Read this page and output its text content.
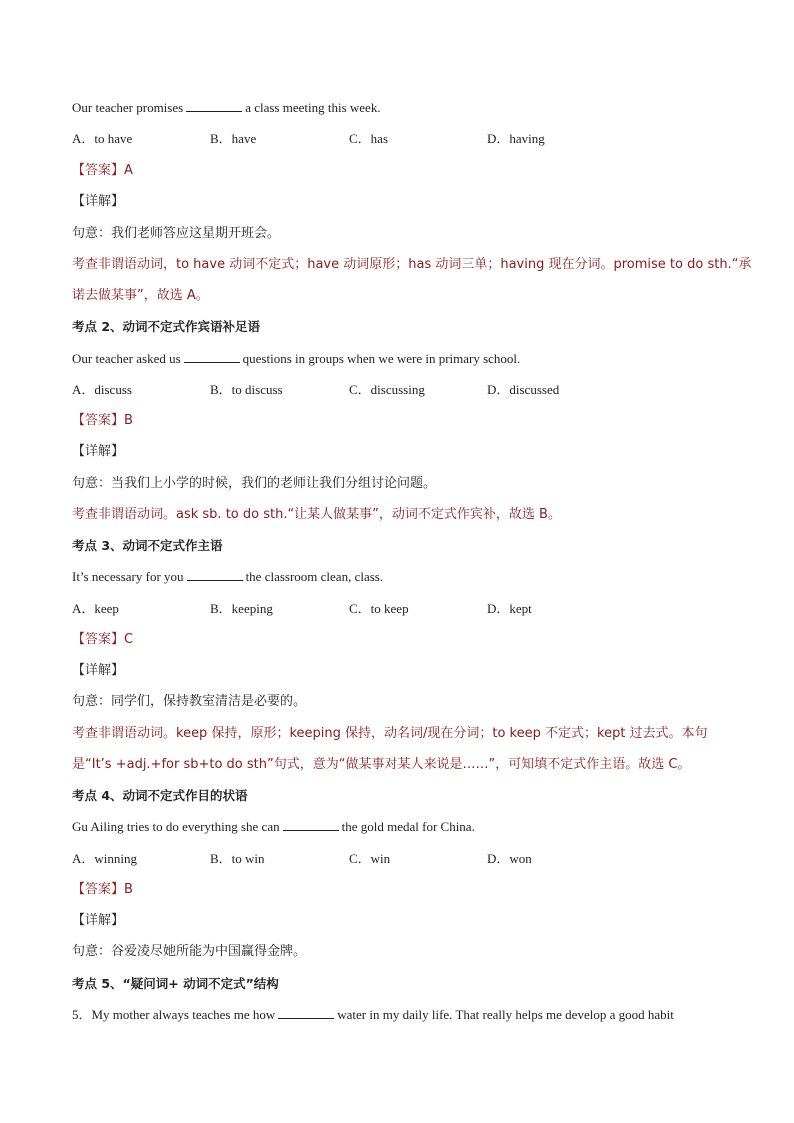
Our teacher promises	a class meeting this week.
A．to have	B．have	C．has	D．having
【答案】A
【详解】
句意：我们老师答应这星期开班会。
考查非谓语动词，to have 动词不定式；have 动词原形；has 动词三单；having 现在分词。promise to do sth.“承
诺去做某事”，故选 A。
考点 2、动词不定式作宾语补足语
Our teacher asked us	questions in groups when we were in primary school.
A．discuss	B．to discuss	C．discussing	D．discussed
【答案】B
【详解】
句意：当我们上小学的时候，我们的老师让我们分组讨论问题。
考查非谓语动词。ask sb. to do sth.“让某人做某事”，动词不定式作宾补，故选 B。
考点 3、动词不定式作主语
It’s necessary for you	the classroom clean, class.
A．keep	B．keeping	C．to keep	D．kept
【答案】C
【详解】
句意：同学们，保持教室清洁是必要的。
考查非谓语动词。keep 保持，原形；keeping 保持，动名词/现在分词；to keep 不定式；kept 过去式。本句
是“It’s +adj.+for sb+to do sth”句式，意为“做某事对某人来说是……”，可知填不定式作主语。故选 C。
考点 4、动词不定式作目的状语
Gu Ailing tries to do everything she can	the gold medal for China.
A．winning	B．to win	C．win	D．won
【答案】B
【详解】
句意：谷爱凌尽她所能为中国赢得金牌。
考点 5、“疑问词+ 动词不定式”结构
5．My mother always teaches me how	water in my daily life. That really helps me develop a good habit
